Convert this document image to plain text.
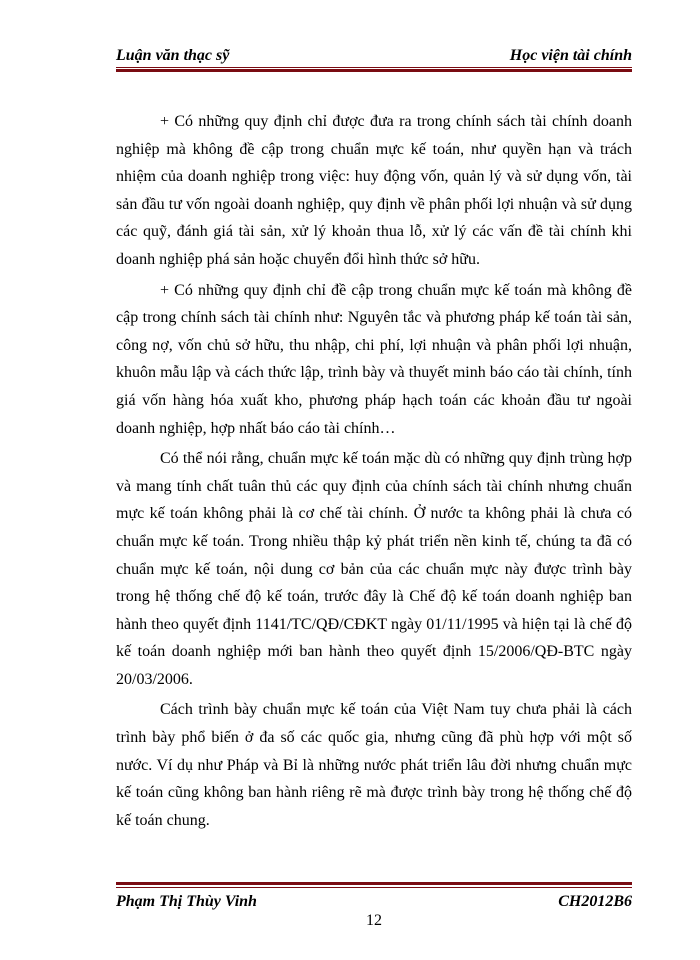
Luận văn thạc sỹ	Học viện tài chính

+ Có những quy định chỉ được đưa ra trong chính sách tài chính doanh nghiệp mà không đề cập trong chuẩn mực kế toán, như quyền hạn và trách nhiệm của doanh nghiệp trong việc: huy động vốn, quản lý và sử dụng vốn, tài sản đầu tư vốn ngoài doanh nghiệp, quy định về phân phối lợi nhuận và sử dụng các quỹ, đánh giá tài sản, xử lý khoản thua lỗ, xử lý các vấn đề tài chính khi doanh nghiệp phá sản hoặc chuyển đổi hình thức sở hữu.

+ Có những quy định chỉ đề cập trong chuẩn mực kế toán mà không đề cập trong chính sách tài chính như: Nguyên tắc và phương pháp kế toán tài sản, công nợ, vốn chủ sở hữu, thu nhập, chi phí, lợi nhuận và phân phối lợi nhuận, khuôn mẫu lập và cách thức lập, trình bày và thuyết minh báo cáo tài chính, tính giá vốn hàng hóa xuất kho, phương pháp hạch toán các khoản đầu tư ngoài doanh nghiệp, hợp nhất báo cáo tài chính…

Có thể nói rằng, chuẩn mực kế toán mặc dù có những quy định trùng hợp và mang tính chất tuân thủ các quy định của chính sách tài chính nhưng chuẩn mực kế toán không phải là cơ chế tài chính. Ở nước ta không phải là chưa có chuẩn mực kế toán. Trong nhiều thập kỷ phát triển nền kinh tế, chúng ta đã có chuẩn mực kế toán, nội dung cơ bản của các chuẩn mực này được trình bày trong hệ thống chế độ kế toán, trước đây là Chế độ kế toán doanh nghiệp ban hành theo quyết định 1141/TC/QĐ/CĐKT ngày 01/11/1995 và hiện tại là chế độ kế toán doanh nghiệp mới ban hành theo quyết định 15/2006/QĐ-BTC ngày 20/03/2006.

Cách trình bày chuẩn mực kế toán của Việt Nam tuy chưa phải là cách trình bày phổ biến ở đa số các quốc gia, nhưng cũng đã phù hợp với một số nước. Ví dụ như Pháp và Bỉ là những nước phát triển lâu đời nhưng chuẩn mực kế toán cũng không ban hành riêng rẽ mà được trình bày trong hệ thống chế độ kế toán chung.

Phạm Thị Thùy Vinh	CH2012B6
12
